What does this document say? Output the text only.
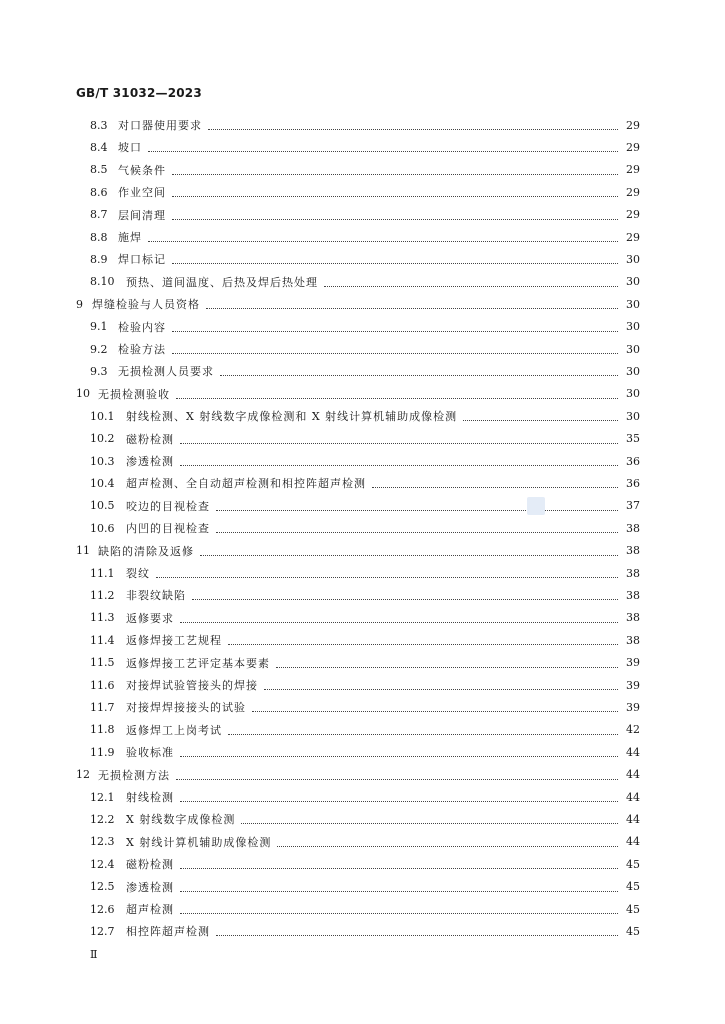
GB/T 31032—2023
8.3 对口器使用要求	29
8.4 坡口	29
8.5 气候条件	29
8.6 作业空间	29
8.7 层间清理	29
8.8 施焊	29
8.9 焊口标记	30
8.10 预热、道间温度、后热及焊后热处理	30
9 焊缝检验与人员资格	30
9.1 检验内容	30
9.2 检验方法	30
9.3 无损检测人员要求	30
10 无损检测验收	30
10.1 射线检测、X 射线数字成像检测和 X 射线计算机辅助成像检测	30
10.2 磁粉检测	35
10.3 渗透检测	36
10.4 超声检测、全自动超声检测和相控阵超声检测	36
10.5 咬边的目视检查	37
10.6 内凹的目视检查	38
11 缺陷的清除及返修	38
11.1 裂纹	38
11.2 非裂纹缺陷	38
11.3 返修要求	38
11.4 返修焊接工艺规程	38
11.5 返修焊接工艺评定基本要素	39
11.6 对接焊试验管接头的焊接	39
11.7 对接焊焊接接头的试验	39
11.8 返修焊工上岗考试	42
11.9 验收标准	44
12 无损检测方法	44
12.1 射线检测	44
12.2 X 射线数字成像检测	44
12.3 X 射线计算机辅助成像检测	44
12.4 磁粉检测	45
12.5 渗透检测	45
12.6 超声检测	45
12.7 相控阵超声检测	45
Ⅱ
